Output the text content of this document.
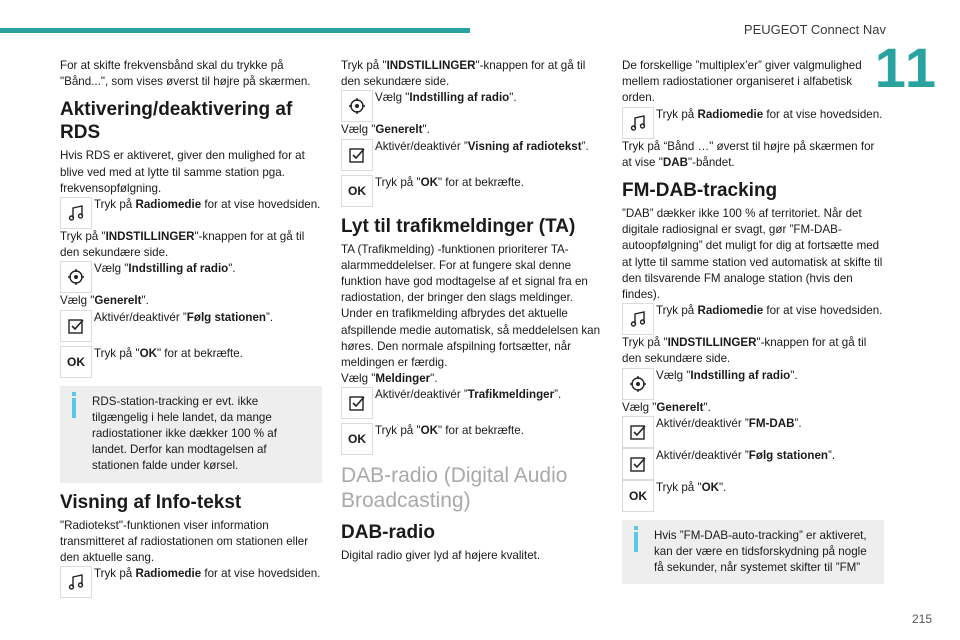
PEUGEOT Connect Nav
11
215

For at skifte frekvensbånd skal du trykke på "Bånd...", som vises øverst til højre på skærmen.

Aktivering/deaktivering af RDS

Hvis RDS er aktiveret, giver den mulighed for at blive ved med at lytte til samme station pga. frekvensopfølgning.

Tryk på Radiomedie for at vise hovedsiden.

Tryk på "INDSTILLINGER"-knappen for at gå til den sekundære side.

Vælg "Indstilling af radio".

Vælg "Generelt".

Aktivér/deaktivér ”Følg stationen”.

OK

Tryk på "OK" for at bekræfte.

RDS-station-tracking er evt. ikke tilgængelig i hele landet, da mange radiostationer ikke dækker 100 % af landet. Derfor kan modtagelsen af stationen falde under kørsel.

Visning af Info-tekst

"Radiotekst"-funktionen viser information transmitteret af radiostationen om stationen eller den aktuelle sang.

Tryk på Radiomedie for at vise hovedsiden.

Tryk på "INDSTILLINGER"-knappen for at gå til den sekundære side.

Vælg "Indstilling af radio".

Vælg "Generelt".

Aktivér/deaktivér ”Visning af radiotekst”.

OK

Tryk på "OK" for at bekræfte.

Lyt til trafikmeldinger (TA)

TA (Trafikmelding) -funktionen prioriterer TA-alarmmeddelelser. For at fungere skal denne funktion have god modtagelse af et signal fra en radiostation, der bringer den slags meldinger. Under en trafikmelding afbrydes det aktuelle afspillende medie automatisk, så meddelelsen kan høres. Den normale afspilning fortsætter, når meldingen er færdig.

Vælg "Meldinger".

Aktivér/deaktivér ”Trafikmeldinger”.

OK

Tryk på "OK" for at bekræfte.

DAB-radio (Digital Audio Broadcasting)
DAB-radio

Digital radio giver lyd af højere kvalitet.

De forskellige ”multiplex’er” giver valgmulighed mellem radiostationer organiseret i alfabetisk orden.

Tryk på Radiomedie for at vise hovedsiden.

Tryk på “Bånd …" øverst til højre på skærmen for at vise "DAB"-båndet.

FM-DAB-tracking

”DAB” dækker ikke 100 % af territoriet. Når det digitale radiosignal er svagt, gør ”FM-DAB-autoopfølgning” det muligt for dig at fortsætte med at lytte til samme station ved automatisk at skifte til den tilsvarende FM analoge station (hvis den findes).

Tryk på Radiomedie for at vise hovedsiden.

Tryk på "INDSTILLINGER"-knappen for at gå til den sekundære side.

Vælg "Indstilling af radio".

Vælg "Generelt".

Aktivér/deaktivér ”FM-DAB”.

Aktivér/deaktivér ”Følg stationen”.

OK

Tryk på "OK".

Hvis ”FM-DAB-auto-tracking” er aktiveret, kan der være en tidsforskydning på nogle få sekunder, når systemet skifter til ”FM”
